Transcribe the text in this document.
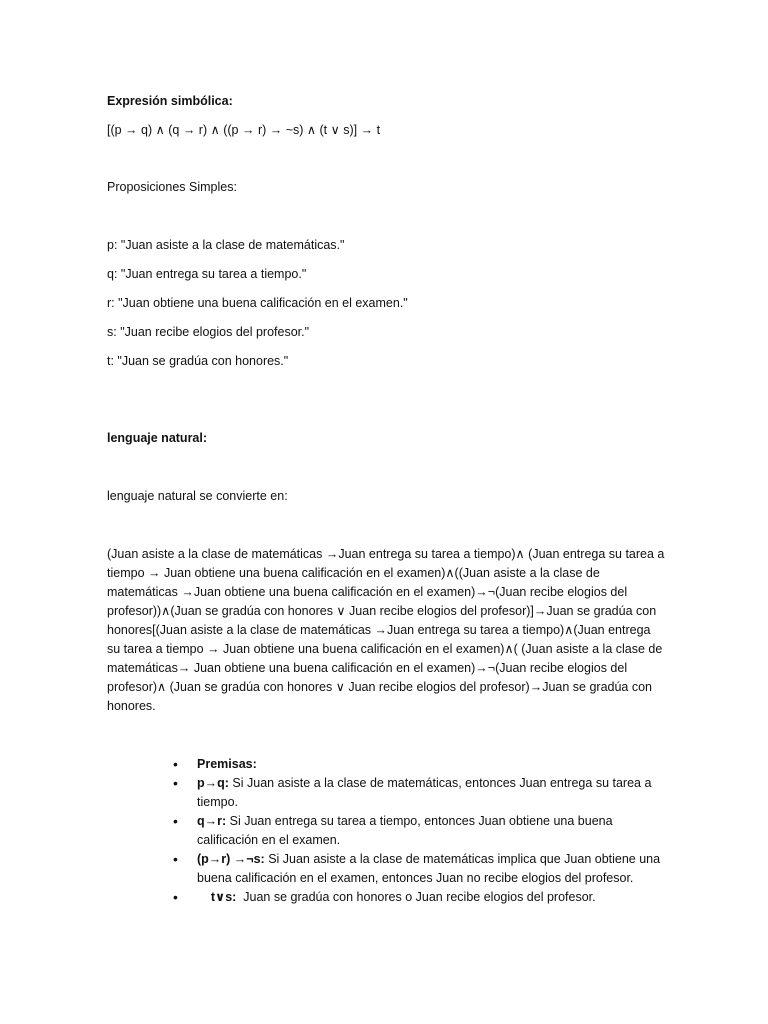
Expresión simbólica:

[(p → q) ∧ (q → r) ∧ ((p → r) → ~s) ∧ (t ∨ s)] → t

Proposiciones Simples:

p: "Juan asiste a la clase de matemáticas."

q: "Juan entrega su tarea a tiempo."

r: "Juan obtiene una buena calificación en el examen."

s: "Juan recibe elogios del profesor."

t: "Juan se gradúa con honores."

lenguaje natural:

lenguaje natural se convierte en:

(Juan asiste a la clase de matemáticas →Juan entrega su tarea a tiempo)∧ (Juan entrega su tarea a tiempo → Juan obtiene una buena calificación en el examen)∧((Juan asiste a la clase de matemáticas →Juan obtiene una buena calificación en el examen)→¬(Juan recibe elogios del profesor))∧(Juan se gradúa con honores ∨ Juan recibe elogios del profesor)]→Juan se gradúa con honores[(Juan asiste a la clase de matemáticas →Juan entrega su tarea a tiempo)∧(Juan entrega su tarea a tiempo → Juan obtiene una buena calificación en el examen)∧( (Juan asiste a la clase de matemáticas→ Juan obtiene una buena calificación en el examen)→¬(Juan recibe elogios del profesor)∧ (Juan se gradúa con honores ∨ Juan recibe elogios del profesor)→Juan se gradúa con honores.

• Premisas:
• p→q: Si Juan asiste a la clase de matemáticas, entonces Juan entrega su tarea a tiempo.
• q→r: Si Juan entrega su tarea a tiempo, entonces Juan obtiene una buena calificación en el examen.
• (p→r) →¬s: Si Juan asiste a la clase de matemáticas implica que Juan obtiene una buena calificación en el examen, entonces Juan no recibe elogios del profesor.
•     t∨s:  Juan se gradúa con honores o Juan recibe elogios del profesor.
